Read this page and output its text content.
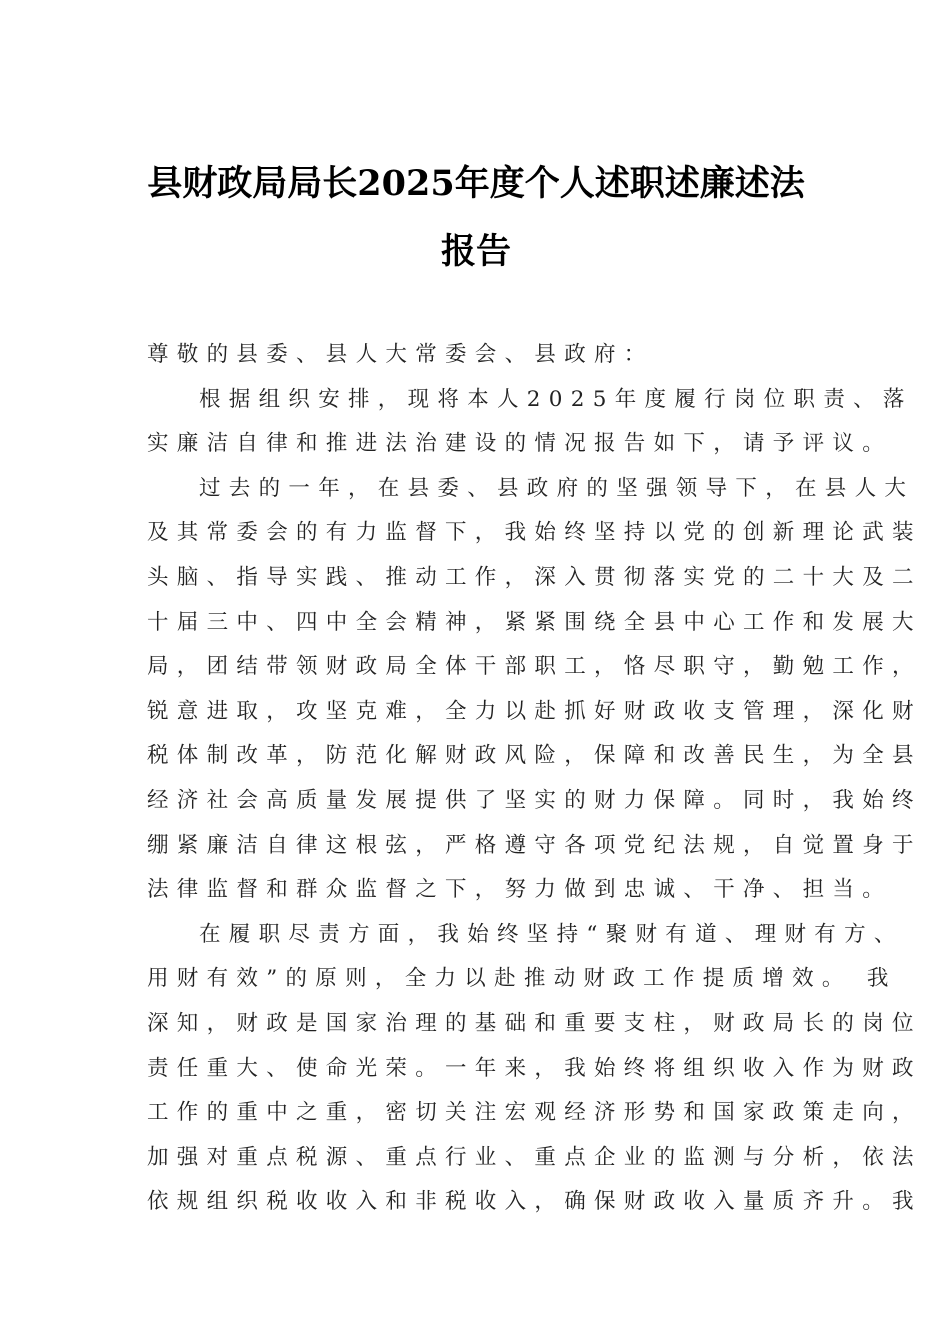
县财政局局长2025年度个人述职述廉述法
报告
尊敬的县委、县人大常委会、县政府：
根据组织安排，现将本人2025年度履行岗位职责、落
实廉洁自律和推进法治建设的情况报告如下，请予评议。
过去的一年，在县委、县政府的坚强领导下，在县人大
及其常委会的有力监督下，我始终坚持以党的创新理论武装
头脑、指导实践、推动工作，深入贯彻落实党的二十大及二
十届三中、四中全会精神，紧紧围绕全县中心工作和发展大
局，团结带领财政局全体干部职工，恪尽职守，勤勉工作，
锐意进取，攻坚克难，全力以赴抓好财政收支管理，深化财
税体制改革，防范化解财政风险，保障和改善民生，为全县
经济社会高质量发展提供了坚实的财力保障。同时，我始终
绷紧廉洁自律这根弦，严格遵守各项党纪法规，自觉置身于
法律监督和群众监督之下，努力做到忠诚、干净、担当。
在履职尽责方面，我始终坚持“聚财有道、理财有方、
用财有效”的原则，全力以赴推动财政工作提质增效。 我
深知，财政是国家治理的基础和重要支柱，财政局长的岗位
责任重大、使命光荣。一年来，我始终将组织收入作为财政
工作的重中之重，密切关注宏观经济形势和国家政策走向，
加强对重点税源、重点行业、重点企业的监测与分析，依法
依规组织税收收入和非税收入，确保财政收入量质齐升。我
